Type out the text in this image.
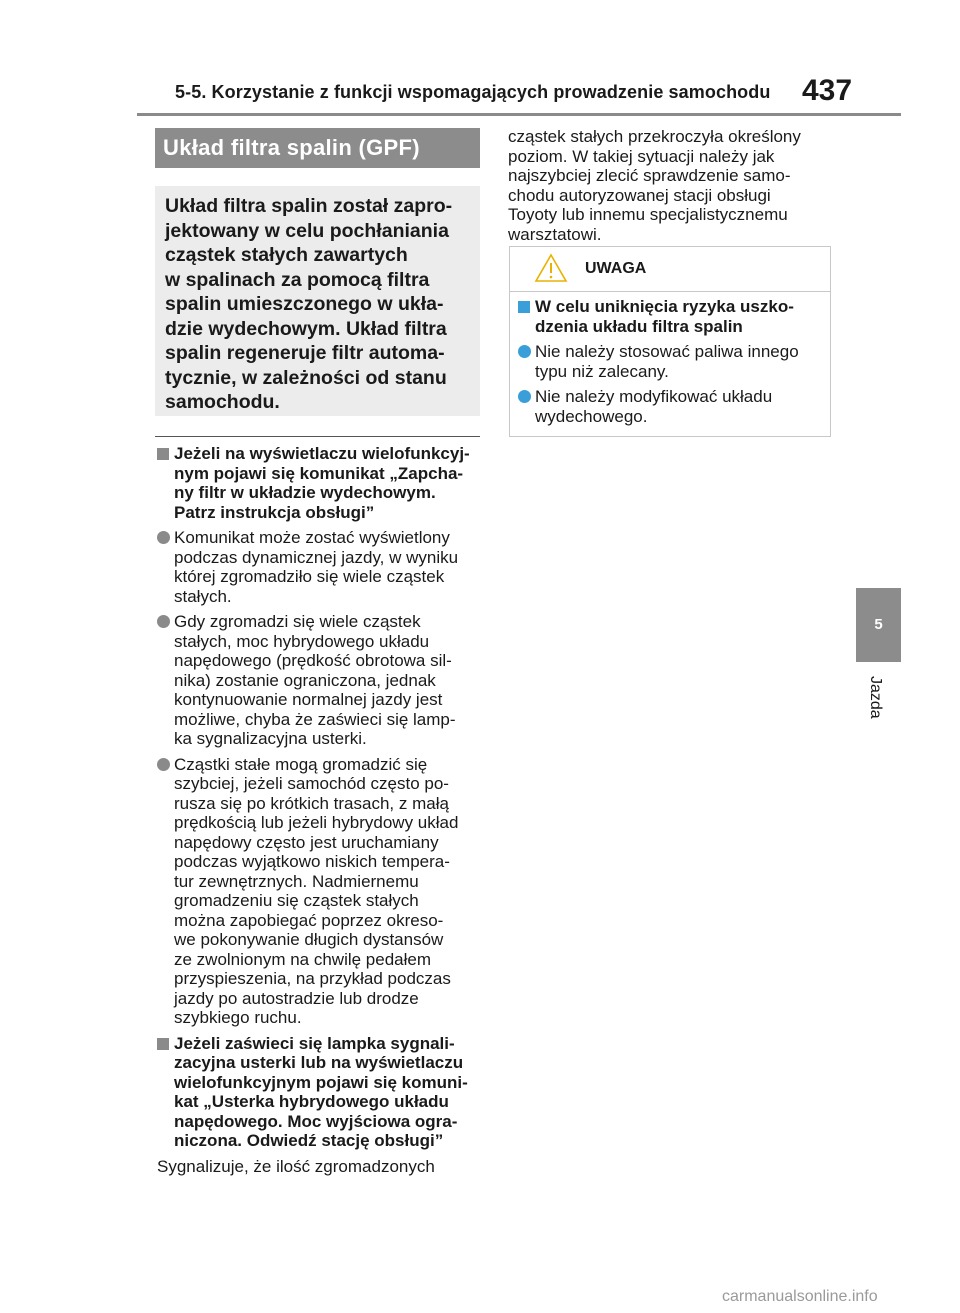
5-5. Korzystanie z funkcji wspomagających prowadzenie samochodu 437
Układ filtra spalin (GPF)
Układ filtra spalin został zapro-
jektowany w celu pochłaniania
cząstek stałych zawartych
w spalinach za pomocą filtra
spalin umieszczonego w ukła-
dzie wydechowym. Układ filtra
spalin regeneruje filtr automa-
tycznie, w zależności od stanu
samochodu.
Jeżeli na wyświetlaczu wielofunkcyj-
nym pojawi się komunikat „Zapcha-
ny filtr w układzie wydechowym.
Patrz instrukcja obsługi”
Komunikat może zostać wyświetlony
podczas dynamicznej jazdy, w wyniku
której zgromadziło się wiele cząstek
stałych.
Gdy zgromadzi się wiele cząstek
stałych, moc hybrydowego układu
napędowego (prędkość obrotowa sil-
nika) zostanie ograniczona, jednak
kontynuowanie normalnej jazdy jest
możliwe, chyba że zaświeci się lamp-
ka sygnalizacyjna usterki.
Cząstki stałe mogą gromadzić się
szybciej, jeżeli samochód często po-
rusza się po krótkich trasach, z małą
prędkością lub jeżeli hybrydowy układ
napędowy często jest uruchamiany
podczas wyjątkowo niskich tempera-
tur zewnętrznych. Nadmiernemu
gromadzeniu się cząstek stałych
można zapobiegać poprzez okreso-
we pokonywanie długich dystansów
ze zwolnionym na chwilę pedałem
przyspieszenia, na przykład podczas
jazdy po autostradzie lub drodze
szybkiego ruchu.
Jeżeli zaświeci się lampka sygnali-
zacyjna usterki lub na wyświetlaczu
wielofunkcyjnym pojawi się komuni-
kat „Usterka hybrydowego układu
napędowego. Moc wyjściowa ogra-
niczona. Odwiedź stację obsługi”
Sygnalizuje, że ilość zgromadzonych
cząstek stałych przekroczyła określony
poziom. W takiej sytuacji należy jak
najszybciej zlecić sprawdzenie samo-
chodu autoryzowanej stacji obsługi
Toyoty lub innemu specjalistycznemu
warsztatowi.
UWAGA
W celu uniknięcia ryzyka uszko-
dzenia układu filtra spalin
Nie należy stosować paliwa innego
typu niż zalecany.
Nie należy modyfikować układu
wydechowego.
5
Jazda
carmanualsonline.info
